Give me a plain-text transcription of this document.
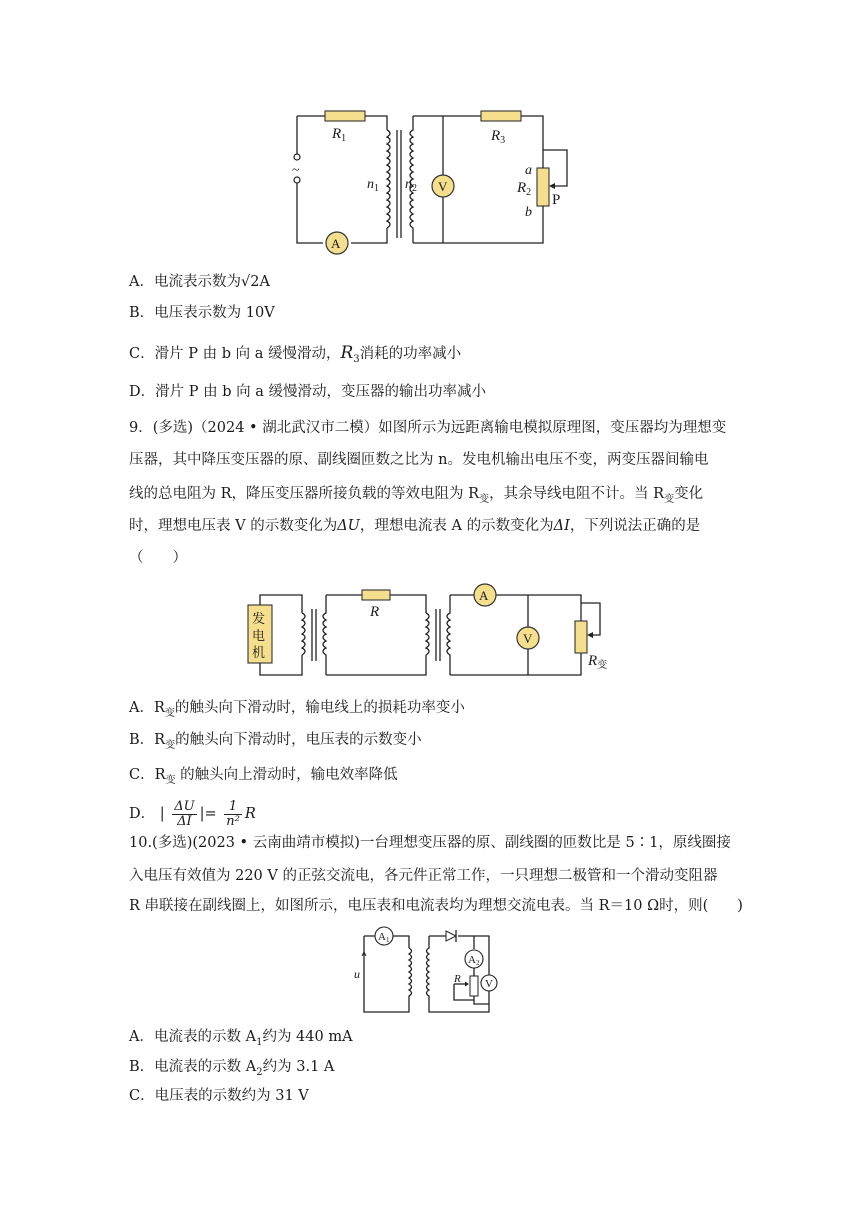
~
A
V
$R_1$	$R_3$
$n_1$ $n_2$
a
$R_2$
b
P
A．电流表示数为√2A
B．电压表示数为 10V
C．滑片 P 由 b 向 a 缓慢滑动，$R_3$消耗的功率减小
D．滑片 P 由 b 向 a 缓慢滑动，变压器的输出功率减小
9．(多选)（2024 • 湖北武汉市二模）如图所示为远距离输电模拟原理图，变压器均为理想变
压器，其中降压变压器的原、副线圈匝数之比为 n。发电机输出电压不变，两变压器间输电
线的总电阻为 R，降压变压器所接负载的等效电阻为 $R_变$，其余导线电阻不计。当 $R_变$变化
时，理想电压表 V 的示数变化为ΔU，理想电流表 A 的示数变化为ΔI，下列说法正确的是
（　　）
发
电
机
R
A
V
$R_变$
A．$R_变$的触头向下滑动时，输电线上的损耗功率变小
B．$R_变$的触头向下滑动时，电压表的示数变小
C．$R_变$ 的触头向上滑动时，输电效率降低
D． | $\frac{\Delta U}{\Delta I}$ |= $\frac{1}{\text{n²}}$ R
10.(多选)(2023 • 云南曲靖市模拟)一台理想变压器的原、副线圈的匝数比是 5∶1，原线圈接
入电压有效值为 220 V 的正弦交流电，各元件正常工作，一只理想二极管和一个滑动变阻器
R 串联接在副线圈上，如图所示，电压表和电流表均为理想交流电表。当 R＝10 Ω时，则(　　)
A1
u
A2
R V
A．电流表的示数 $A_1$约为 440 mA
B．电流表的示数 $A_2$约为 3.1 A
C．电压表的示数约为 31 V
